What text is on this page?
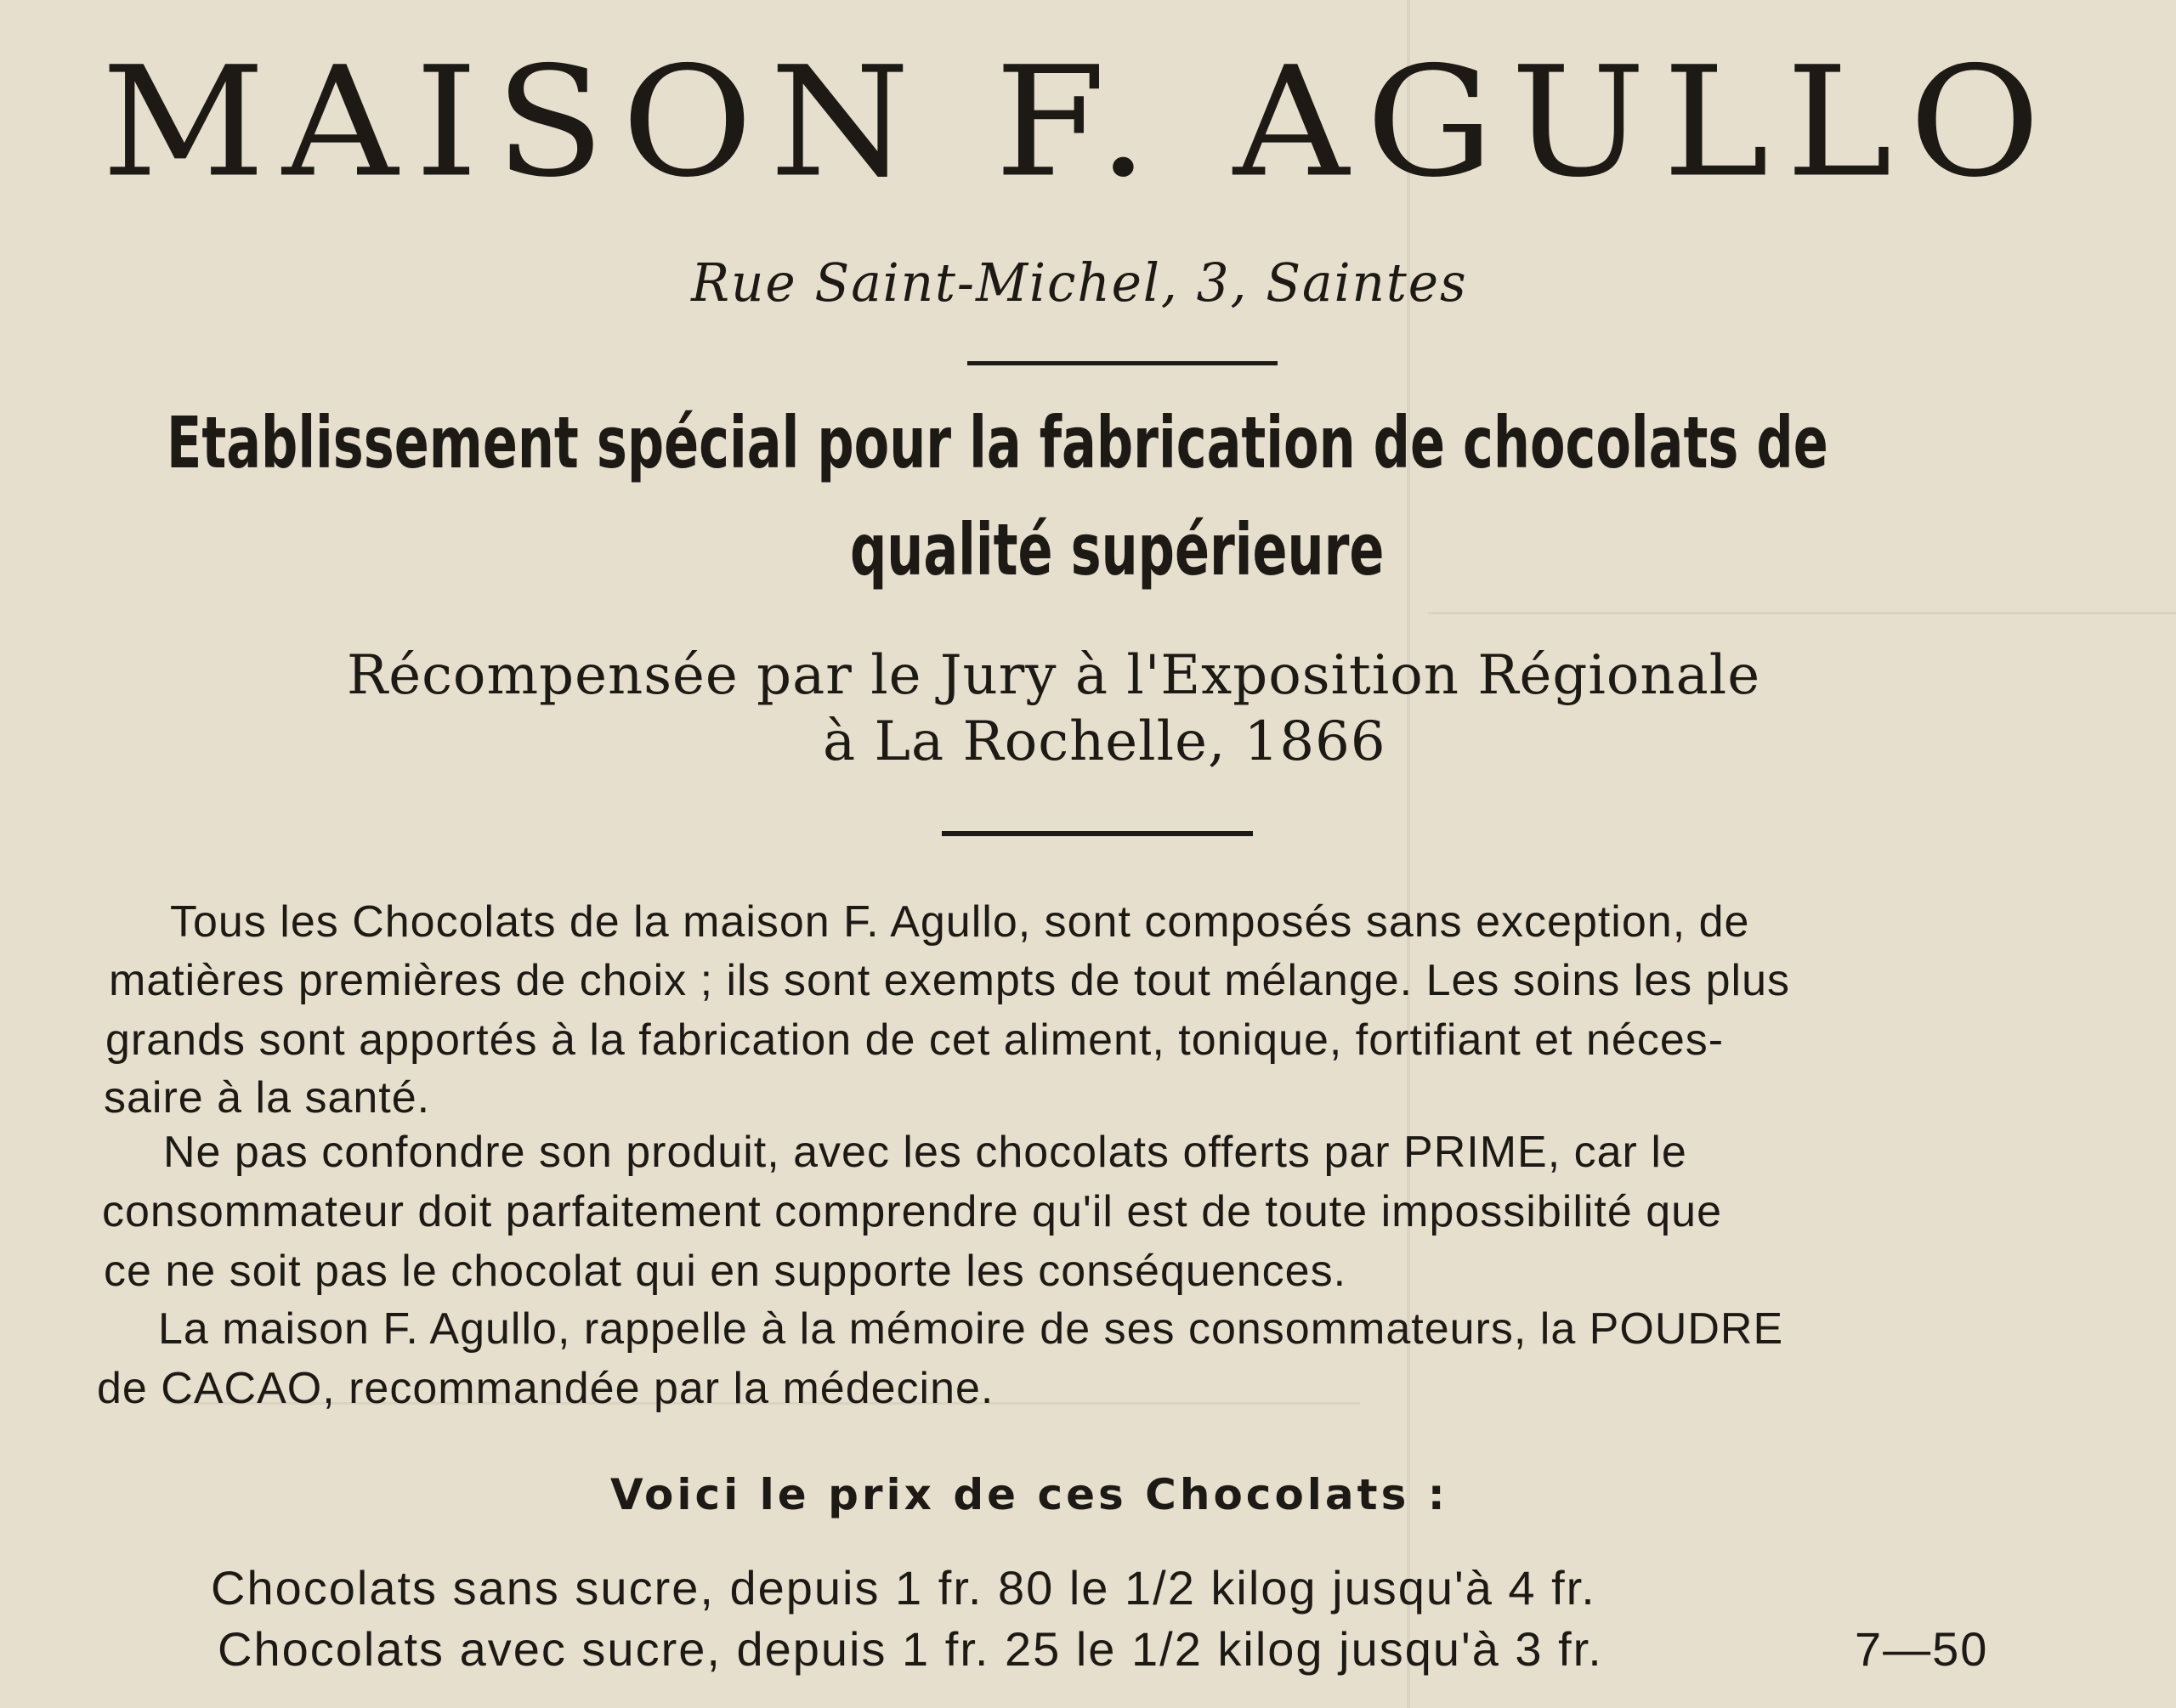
MAISON F. AGULLO
Rue Saint-Michel, 3, Saintes
Etablissement spécial pour la fabrication de chocolats de
qualité supérieure
Récompensée par le Jury à l'Exposition Régionale
à La Rochelle, 1866
Tous les Chocolats de la maison F. Agullo, sont composés sans exception, de
matières premières de choix ; ils sont exempts de tout mélange. Les soins les plus
grands sont apportés à la fabrication de cet aliment, tonique, fortifiant et néces-
saire à la santé.
Ne pas confondre son produit, avec les chocolats offerts par PRIME, car le
consommateur doit parfaitement comprendre qu'il est de toute impossibilité que
ce ne soit pas le chocolat qui en supporte les conséquences.
La maison F. Agullo, rappelle à la mémoire de ses consommateurs, la POUDRE
de CACAO, recommandée par la médecine.
Voici le prix de ces Chocolats :
Chocolats sans sucre, depuis 1 fr. 80 le 1/2 kilog jusqu'à 4 fr.
Chocolats avec sucre, depuis 1 fr. 25 le 1/2 kilog jusqu'à 3 fr.	7—50
